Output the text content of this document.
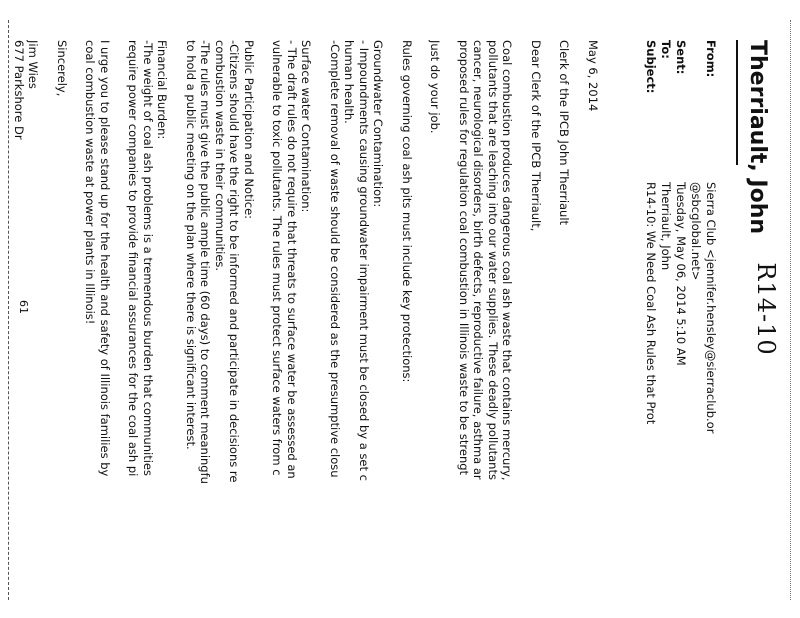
R14-10
Therriault, John
From:
Sierra Club <jennifer.hensley@sierraclub.or
@sbcglobal.net>
Sent:
Tuesday, May 06, 2014 5:10 AM
To:
Therriault, John
Subject:
R14-10: We Need Coal Ash Rules that Prot

May 6, 2014

Clerk of the IPCB John Therriault

Dear Clerk of the IPCB Therriault,

Coal combustion produces dangerous coal ash waste that contains mercury,
pollutants that are leaching into our water supplies. These deadly pollutants
cancer, neurological disorders, birth defects, reproductive failure, asthma ar
proposed rules for regulation coal combustion in Illinois waste to be strengt

Just do your job.

Rules governing coal ash pits must include key protections:

Groundwater Contamination:
- Impoundments causing groundwater impairment must be closed by a set c
human health.
-Complete removal of waste should be considered as the presumptive closu

Surface water Contamination:
- The draft rules do not require that threats to surface water be assessed an
vulnerable to toxic pollutants. The rules must protect surface waters from c

Public Participation and Notice:
-Citizens should have the right to be informed and participate in decisions re
combustion waste in their communities.
-The rules must give the public ample time (60 days) to comment meaningfu
to hold a public meeting on the plan where there is significant interest.

Financial Burden:
-The weight of coal ash problems is a tremendous burden that communities
require power companies to provide financial assurances for the coal ash pi

I urge you to please stand up for the health and safety of Illinois families by
coal combustion waste at power plants in Illinois!

Sincerely,

Jim Wies
677 Parkshore Dr

61
